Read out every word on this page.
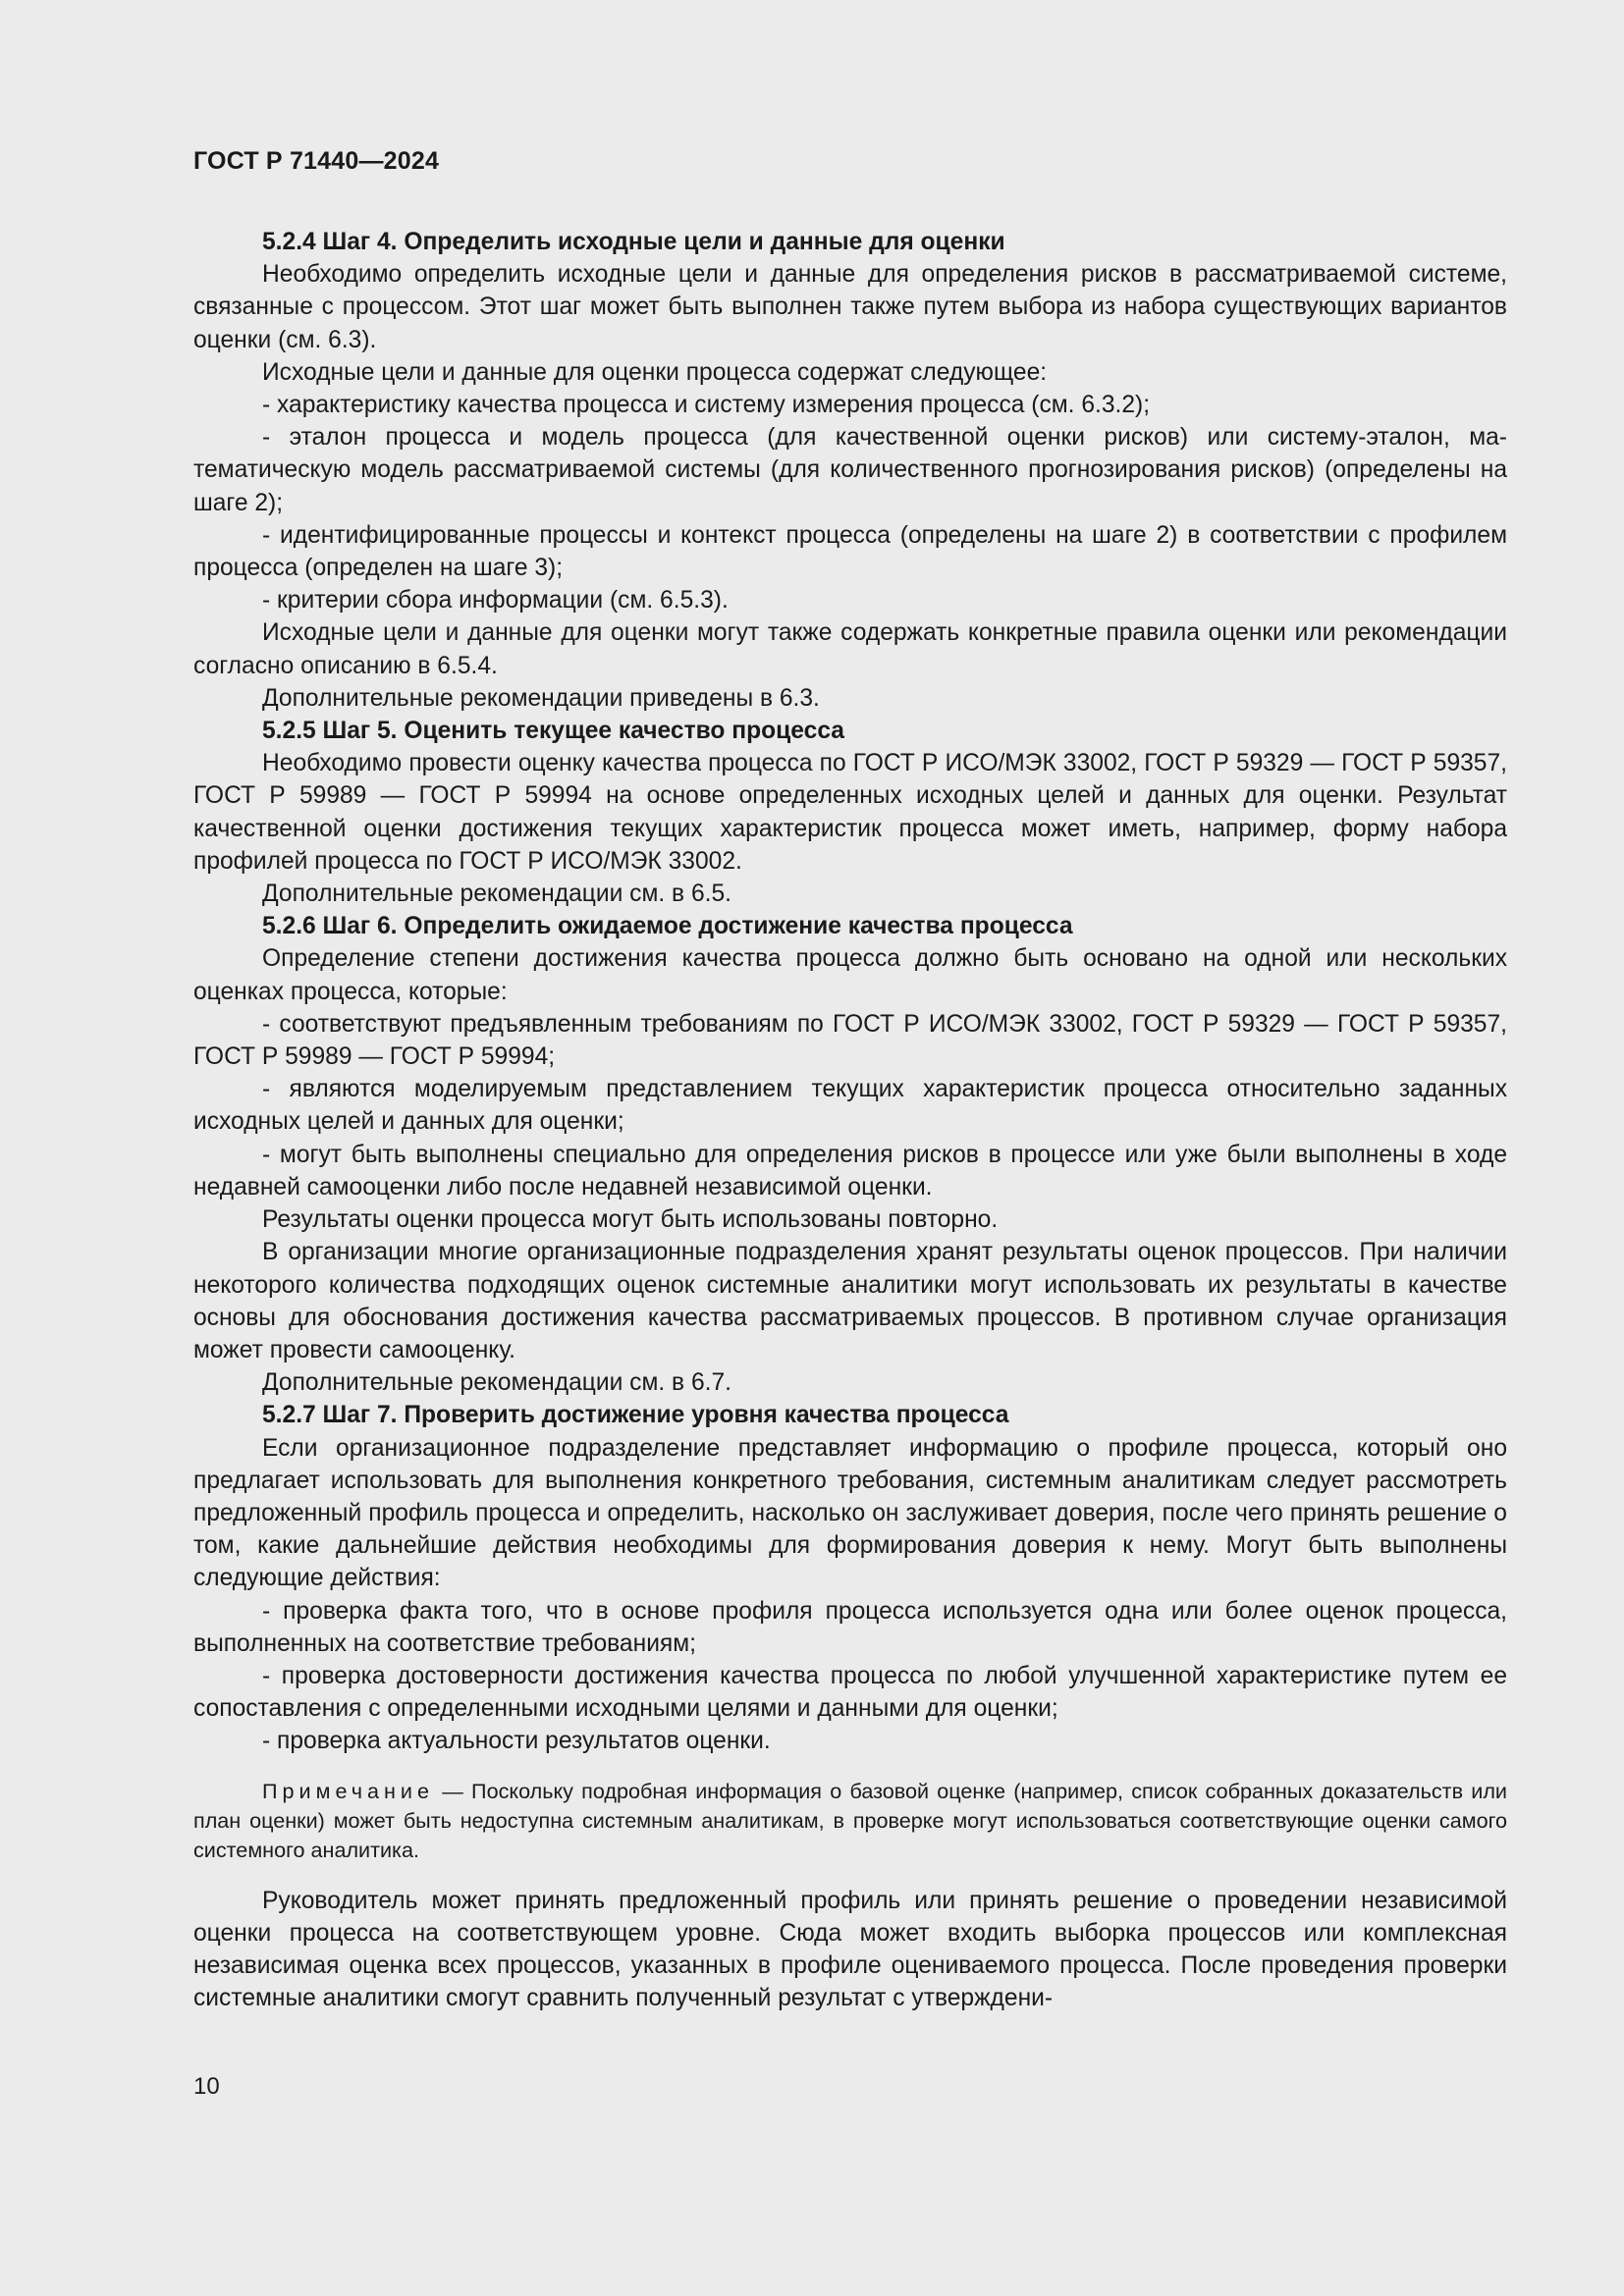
ГОСТ Р 71440—2024

5.2.4 Шаг 4. Определить исходные цели и данные для оценки

Необходимо определить исходные цели и данные для определения рисков в рассматриваемой системе, связанные с процессом. Этот шаг может быть выполнен также путем выбора из набора существующих вариантов оценки (см. 6.3).

Исходные цели и данные для оценки процесса содержат следующее:

- характеристику качества процесса и систему измерения процесса (см. 6.3.2);

- эталон процесса и модель процесса (для качественной оценки рисков) или систему-эталон, математическую модель рассматриваемой системы (для количественного прогнозирования рисков) (определены на шаге 2);

- идентифицированные процессы и контекст процесса (определены на шаге 2) в соответствии с профилем процесса (определен на шаге 3);

- критерии сбора информации (см. 6.5.3).

Исходные цели и данные для оценки могут также содержать конкретные правила оценки или рекомендации согласно описанию в 6.5.4.

Дополнительные рекомендации приведены в 6.3.

5.2.5 Шаг 5. Оценить текущее качество процесса

Необходимо провести оценку качества процесса по ГОСТ Р ИСО/МЭК 33002, ГОСТ Р 59329 — ГОСТ Р 59357, ГОСТ Р 59989 — ГОСТ Р 59994 на основе определенных исходных целей и данных для оценки. Результат качественной оценки достижения текущих характеристик процесса может иметь, например, форму набора профилей процесса по ГОСТ Р ИСО/МЭК 33002.

Дополнительные рекомендации см. в 6.5.

5.2.6 Шаг 6. Определить ожидаемое достижение качества процесса

Определение степени достижения качества процесса должно быть основано на одной или нескольких оценках процесса, которые:

- соответствуют предъявленным требованиям по ГОСТ Р ИСО/МЭК 33002, ГОСТ Р 59329 — ГОСТ Р 59357, ГОСТ Р 59989 — ГОСТ Р 59994;

- являются моделируемым представлением текущих характеристик процесса относительно заданных исходных целей и данных для оценки;

- могут быть выполнены специально для определения рисков в процессе или уже были выполнены в ходе недавней самооценки либо после недавней независимой оценки.

Результаты оценки процесса могут быть использованы повторно.

В организации многие организационные подразделения хранят результаты оценок процессов. При наличии некоторого количества подходящих оценок системные аналитики могут использовать их результаты в качестве основы для обоснования достижения качества рассматриваемых процессов. В противном случае организация может провести самооценку.

Дополнительные рекомендации см. в 6.7.

5.2.7 Шаг 7. Проверить достижение уровня качества процесса

Если организационное подразделение представляет информацию о профиле процесса, который оно предлагает использовать для выполнения конкретного требования, системным аналитикам следует рассмотреть предложенный профиль процесса и определить, насколько он заслуживает доверия, после чего принять решение о том, какие дальнейшие действия необходимы для формирования доверия к нему. Могут быть выполнены следующие действия:

- проверка факта того, что в основе профиля процесса используется одна или более оценок процесса, выполненных на соответствие требованиям;

- проверка достоверности достижения качества процесса по любой улучшенной характеристике путем ее сопоставления с определенными исходными целями и данными для оценки;

- проверка актуальности результатов оценки.

Примечание — Поскольку подробная информация о базовой оценке (например, список собранных доказательств или план оценки) может быть недоступна системным аналитикам, в проверке могут использоваться соответствующие оценки самого системного аналитика.

Руководитель может принять предложенный профиль или принять решение о проведении независимой оценки процесса на соответствующем уровне. Сюда может входить выборка процессов или комплексная независимая оценка всех процессов, указанных в профиле оцениваемого процесса. После проведения проверки системные аналитики смогут сравнить полученный результат с утверждени-

10
